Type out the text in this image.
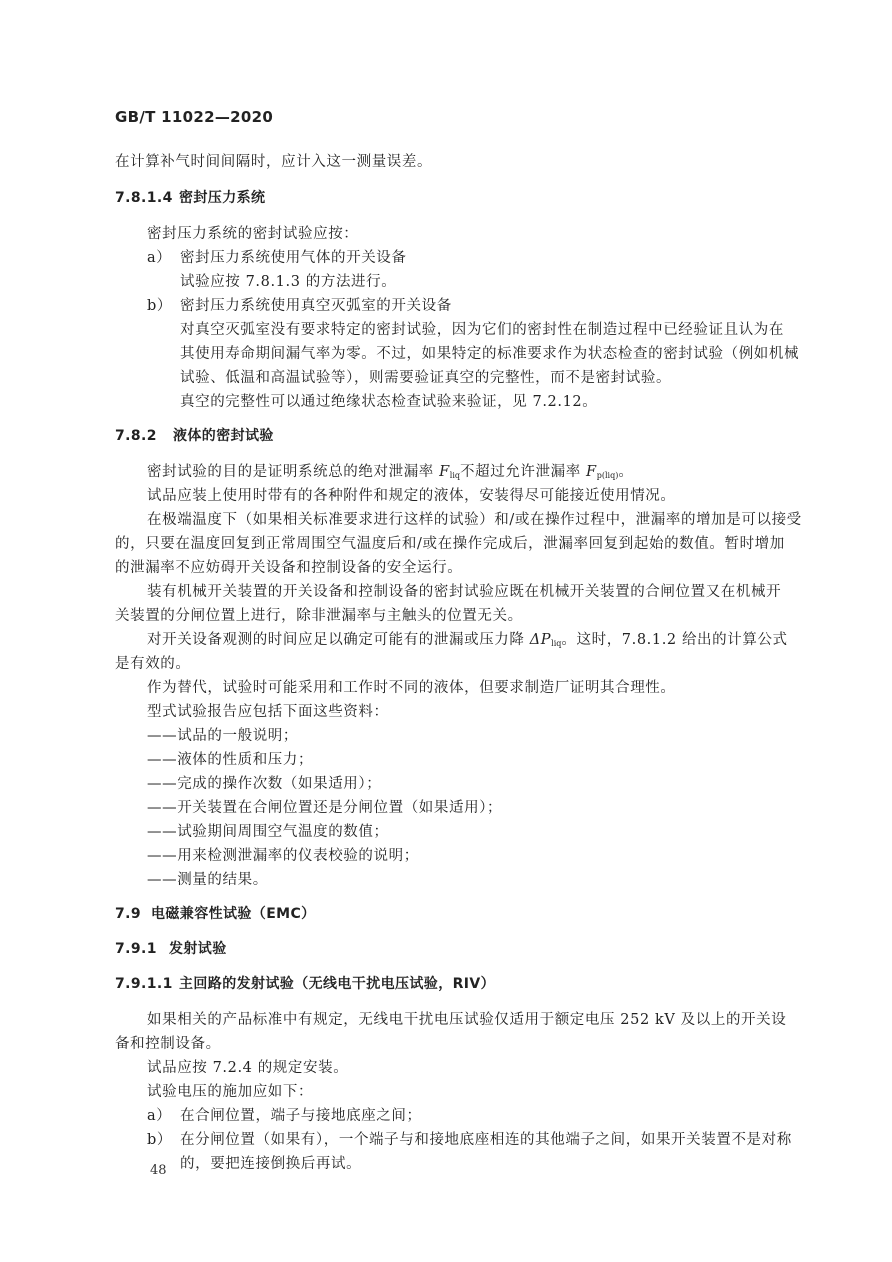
GB/T 11022—2020
在计算补气时间间隔时，应计入这一测量误差。
7.8.1.4 密封压力系统
密封压力系统的密封试验应按：
a） 密封压力系统使用气体的开关设备
试验应按 7.8.1.3 的方法进行。
b） 密封压力系统使用真空灭弧室的开关设备
对真空灭弧室没有要求特定的密封试验，因为它们的密封性在制造过程中已经验证且认为在
其使用寿命期间漏气率为零。不过，如果特定的标准要求作为状态检查的密封试验（例如机械
试验、低温和高温试验等），则需要验证真空的完整性，而不是密封试验。
真空的完整性可以通过绝缘状态检查试验来验证，见 7.2.12。
7.8.2 液体的密封试验
密封试验的目的是证明系统总的绝对泄漏率 $F_{liq}$不超过允许泄漏率 $F_{p(liq)}$。
试品应装上使用时带有的各种附件和规定的液体，安装得尽可能接近使用情况。
在极端温度下（如果相关标准要求进行这样的试验）和/或在操作过程中，泄漏率的增加是可以接受
的，只要在温度回复到正常周围空气温度后和/或在操作完成后，泄漏率回复到起始的数值。暂时增加
的泄漏率不应妨碍开关设备和控制设备的安全运行。
装有机械开关装置的开关设备和控制设备的密封试验应既在机械开关装置的合闸位置又在机械开
关装置的分闸位置上进行，除非泄漏率与主触头的位置无关。
对开关设备观测的时间应足以确定可能有的泄漏或压力降 $\Delta P_{liq}$。这时，7.8.1.2 给出的计算公式
是有效的。
作为替代，试验时可能采用和工作时不同的液体，但要求制造厂证明其合理性。
型式试验报告应包括下面这些资料：
——试品的一般说明；
——液体的性质和压力；
——完成的操作次数（如果适用）；
——开关装置在合闸位置还是分闸位置（如果适用）；
——试验期间周围空气温度的数值；
——用来检测泄漏率的仪表校验的说明；
——测量的结果。
7.9 电磁兼容性试验（EMC）
7.9.1 发射试验
7.9.1.1 主回路的发射试验（无线电干扰电压试验，RIV）
如果相关的产品标准中有规定，无线电干扰电压试验仅适用于额定电压 252 kV 及以上的开关设
备和控制设备。
试品应按 7.2.4 的规定安装。
试验电压的施加应如下：
a） 在合闸位置，端子与接地底座之间；
b） 在分闸位置（如果有），一个端子与和接地底座相连的其他端子之间，如果开关装置不是对称
的，要把连接倒换后再试。
48
